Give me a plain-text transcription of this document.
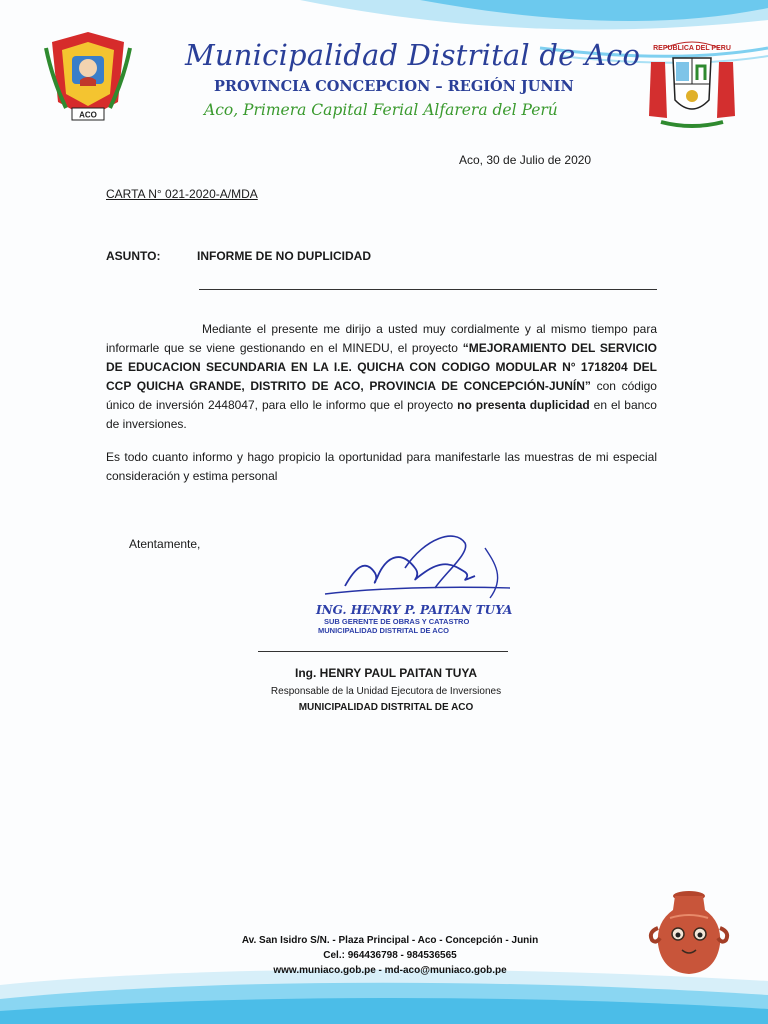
ACO
Municipalidad Distrital de Aco
PROVINCIA CONCEPCION – REGIÓN JUNIN
Aco, Primera Capital Ferial Alfarera del Perú
REPUBLICA DEL PERU
Aco, 30 de Julio de 2020
CARTA N° 021-2020-A/MDA
ASUNTO:	INFORME DE NO DUPLICIDAD
Mediante el presente me dirijo a usted muy cordialmente y al mismo tiempo para informarle que se viene gestionando en el MINEDU, el proyecto “MEJORAMIENTO DEL SERVICIO DE EDUCACION SECUNDARIA EN LA I.E. QUICHA CON CODIGO MODULAR N° 1718204 DEL CCP QUICHA GRANDE, DISTRITO DE ACO, PROVINCIA DE CONCEPCIÓN-JUNÍN” con código único de inversión 2448047, para ello le informo que el proyecto no presenta duplicidad en el banco de inversiones.
Es todo cuanto informo y hago propicio la oportunidad para manifestarle las muestras de mi especial consideración y estima personal
Atentamente,
ING. HENRY P. PAITAN TUYA
SUB GERENTE DE OBRAS Y CATASTRO
MUNICIPALIDAD DISTRITAL DE ACO
Ing. HENRY PAUL PAITAN TUYA
Responsable de la Unidad Ejecutora de Inversiones
MUNICIPALIDAD DISTRITAL DE ACO
Av. San Isidro S/N. - Plaza Principal - Aco - Concepción - Junin
Cel.: 964436798 - 984536565
www.muniaco.gob.pe - md-aco@muniaco.gob.pe
